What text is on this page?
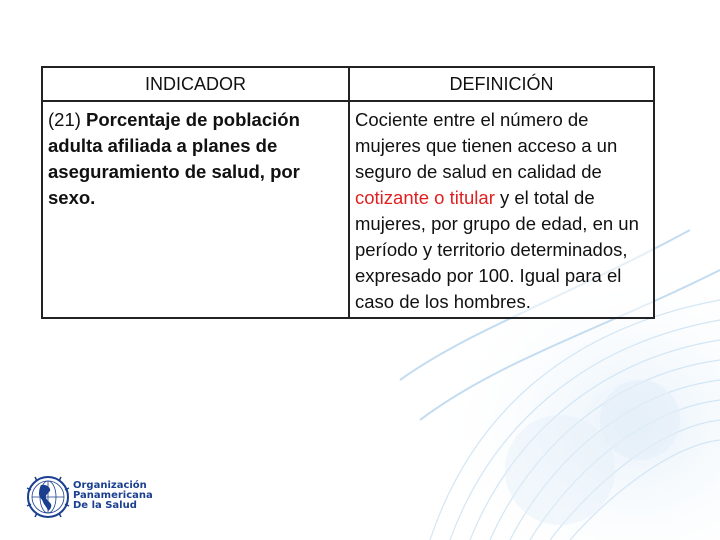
INDICADOR	DEFINICIÓN
(21) Porcentaje de población adulta afiliada a planes de aseguramiento de salud, por sexo.	Cociente entre el número de mujeres que tienen acceso a un seguro de salud en calidad de cotizante o titular y el total de mujeres, por grupo de edad, en un período y territorio determinados, expresado por 100. Igual para el caso de los hombres.
Organización
Panamericana
De la Salud
